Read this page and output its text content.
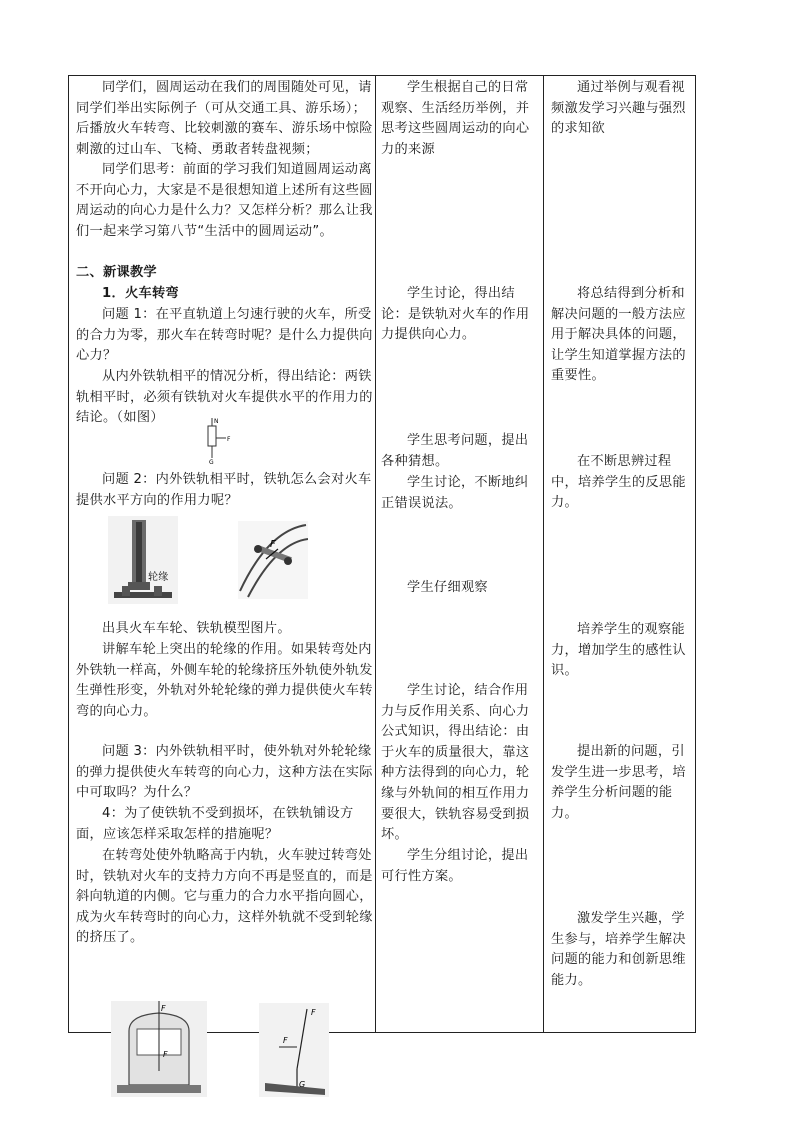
同学们，圆周运动在我们的周围随处可见，请同学们举出实际例子（可从交通工具、游乐场）；后播放火车转弯、比较刺激的赛车、游乐场中惊险刺激的过山车、飞椅、勇敢者转盘视频；

同学们思考：前面的学习我们知道圆周运动离不开向心力，大家是不是很想知道上述所有这些圆周运动的向心力是什么力？又怎样分析？那么让我们一起来学习第八节“生活中的圆周运动”。

二、新课教学

1．火车转弯

问题 1：在平直轨道上匀速行驶的火车，所受的合力为零，那火车在转弯时呢？是什么力提供向心力？

从内外铁轨相平的情况分析，得出结论：两铁轨相平时，必须有铁轨对火车提供水平的作用力的结论。（如图）	N
F
G

问题 2：内外铁轨相平时，铁轨怎么会对火车提供水平方向的作用力呢？

轮缘
F

出具火车车轮、铁轨模型图片。

讲解车轮上突出的轮缘的作用。如果转弯处内外铁轨一样高，外侧车轮的轮缘挤压外轨使外轨发生弹性形变，外轨对外轮轮缘的弹力提供使火车转弯的向心力。

问题 3：内外铁轨相平时，使外轨对外轮轮缘的弹力提供使火车转弯的向心力，这种方法在实际中可取吗？为什么？

4：为了使铁轨不受到损坏，在铁轨铺设方面，应该怎样采取怎样的措施呢？

在转弯处使外轨略高于内轨，火车驶过转弯处时，铁轨对火车的支持力方向不再是竖直的，而是斜向轨道的内侧。它与重力的合力水平指向圆心，成为火车转弯时的向心力，这样外轨就不受到轮缘的挤压了。

学生根据自己的日常观察、生活经历举例，并思考这些圆周运动的向心力的来源

学生讨论，得出结论：是铁轨对火车的作用力提供向心力。

学生思考问题，提出各种猜想。

学生讨论，不断地纠正错误说法。

学生仔细观察

学生讨论，结合作用力与反作用关系、向心力公式知识，得出结论：由于火车的质量很大，靠这种方法得到的向心力，轮缘与外轨间的相互作用力要很大，铁轨容易受到损坏。

学生分组讨论，提出可行性方案。

通过举例与观看视频激发学习兴趣与强烈的求知欲

将总结得到分析和解决问题的一般方法应用于解决具体的问题，让学生知道掌握方法的重要性。

在不断思辨过程中，培养学生的反思能力。

培养学生的观察能力，增加学生的感性认识。

提出新的问题，引发学生进一步思考，培养学生分析问题的能力。

激发学生兴趣，学生参与，培养学生解决问题的能力和创新思维能力。

F
F
F
F
G
